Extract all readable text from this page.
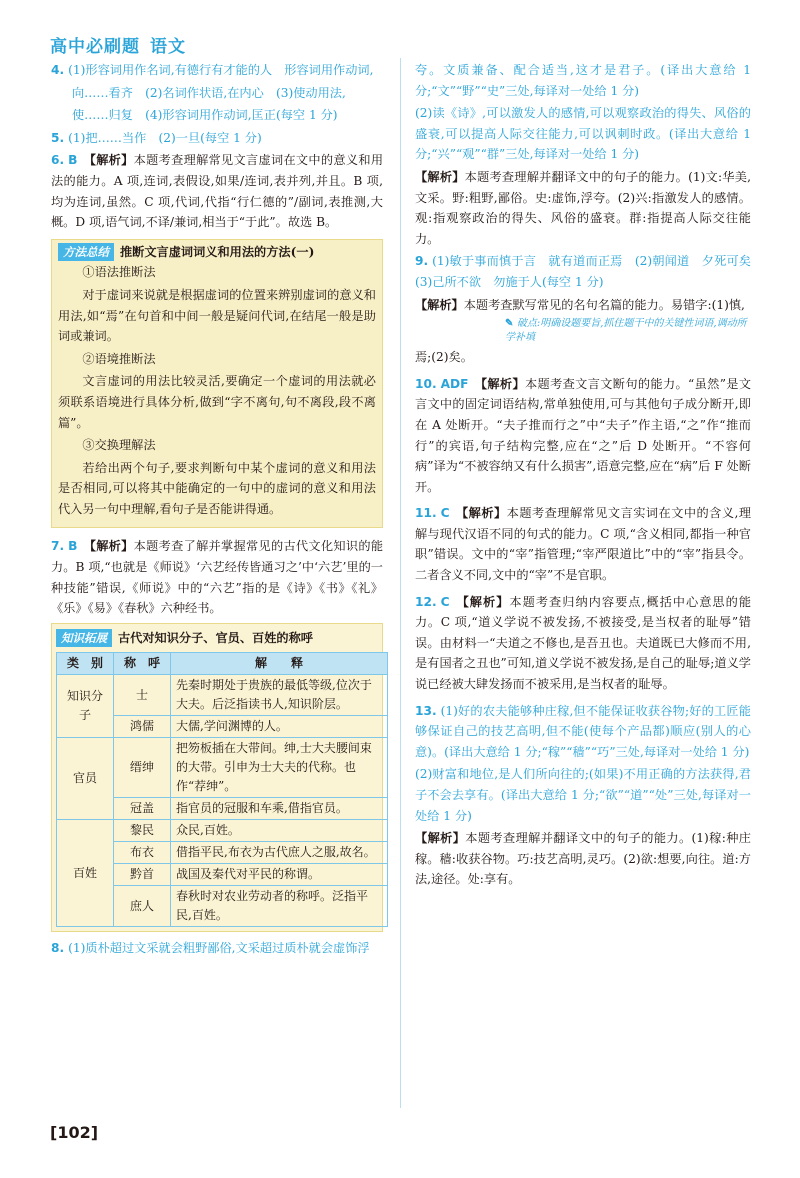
高中必刷题 语文

4. (1)形容词用作名词,有德行有才能的人　形容词用作动词,

向……看齐　(2)名词作状语,在内心　(3)使动用法,

使……归复　(4)形容词用作动词,匡正(每空 1 分)

5. (1)把……当作　(2)一旦(每空 1 分)

6. B 【解析】本题考查理解常见文言虚词在文中的意义和用法的能力。A 项,连词,表假设,如果/连词,表并列,并且。B 项,均为连词,虽然。C 项,代词,代指“行仁德的”/副词,表推测,大概。D 项,语气词,不译/兼词,相当于“于此”。故选 B。

方法总结 推断文言虚词词义和用法的方法(一)

①语法推断法

对于虚词来说就是根据虚词的位置来辨别虚词的意义和用法,如“焉”在句首和中间一般是疑问代词,在结尾一般是助词或兼词。

②语境推断法

文言虚词的用法比较灵活,要确定一个虚词的用法就必须联系语境进行具体分析,做到“字不离句,句不离段,段不离篇”。

③交换理解法

若给出两个句子,要求判断句中某个虚词的意义和用法是否相同,可以将其中能确定的一句中的虚词的意义和用法代入另一句中理解,看句子是否能讲得通。

7. B 【解析】本题考查了解并掌握常见的古代文化知识的能力。B 项,“也就是《师说》‘六艺经传皆通习之’中‘六艺’里的一种技能”错误,《师说》中的“六艺”指的是《诗》《书》《礼》《乐》《易》《春秋》六种经书。

知识拓展 古代对知识分子、官员、百姓的称呼
类　别	称　呼	解　　释
知识分子	士	先秦时期处于贵族的最低等级,位次于大夫。后泛指读书人,知识阶层。
	鸿儒	大儒,学问渊博的人。
官员	缙绅	把笏板插在大带间。绅,士大夫腰间束的大带。引申为士大夫的代称。也作“荐绅”。
	冠盖	指官员的冠服和车乘,借指官员。
百姓	黎民	众民,百姓。
	布衣	借指平民,布衣为古代庶人之服,故名。
	黔首	战国及秦代对平民的称谓。
	庶人	春秋时对农业劳动者的称呼。泛指平民,百姓。

8. (1)质朴超过文采就会粗野鄙俗,文采超过质朴就会虚饰浮

夸。文质兼备、配合适当,这才是君子。(译出大意给 1 分;“文”“野”“史”三处,每译对一处给 1 分)

(2)读《诗》,可以激发人的感情,可以观察政治的得失、风俗的盛衰,可以提高人际交往能力,可以讽刺时政。(译出大意给 1 分;“兴”“观”“群”三处,每译对一处给 1 分)

【解析】本题考查理解并翻译文中的句子的能力。(1)文:华美,文采。野:粗野,鄙俗。史:虚饰,浮夸。(2)兴:指激发人的感情。观:指观察政治的得失、风俗的盛衰。群:指提高人际交往能力。

9. (1)敏于事而慎于言　就有道而正焉　(2)朝闻道　夕死可矣　(3)己所不欲　勿施于人(每空 1 分)

【解析】本题考查默写常见的名句名篇的能力。易错字:(1)慎,

✎ 破点:明确设题要旨,抓住题干中的关键性词语,调动所学补填

焉;(2)矣。

10. ADF 【解析】本题考查文言文断句的能力。“虽然”是文言文中的固定词语结构,常单独使用,可与其他句子成分断开,即在 A 处断开。“夫子推而行之”中“夫子”作主语,“之”作“推而行”的宾语,句子结构完整,应在“之”后 D 处断开。“不容何病”译为“不被容纳又有什么损害”,语意完整,应在“病”后 F 处断开。

11. C 【解析】本题考查理解常见文言实词在文中的含义,理解与现代汉语不同的句式的能力。C 项,“含义相同,都指一种官职”错误。文中的“宰”指管理;“宰严限道比”中的“宰”指县令。二者含义不同,文中的“宰”不是官职。

12. C 【解析】本题考查归纳内容要点,概括中心意思的能力。C 项,“道义学说不被发扬,不被接受,是当权者的耻辱”错误。由材料一“夫道之不修也,是吾丑也。夫道既已大修而不用,是有国者之丑也”可知,道义学说不被发扬,是自己的耻辱;道义学说已经被大肆发扬而不被采用,是当权者的耻辱。

13. (1)好的农夫能够种庄稼,但不能保证收获谷物;好的工匠能够保证自己的技艺高明,但不能(使每个产品都)顺应(别人的心意)。(译出大意给 1 分;“稼”“穑”“巧”三处,每译对一处给 1 分)

(2)财富和地位,是人们所向往的;(如果)不用正确的方法获得,君子不会去享有。(译出大意给 1 分;“欲”“道”“处”三处,每译对一处给 1 分)

【解析】本题考查理解并翻译文中的句子的能力。(1)稼:种庄稼。穑:收获谷物。巧:技艺高明,灵巧。(2)欲:想要,向往。道:方法,途径。处:享有。

[102]
